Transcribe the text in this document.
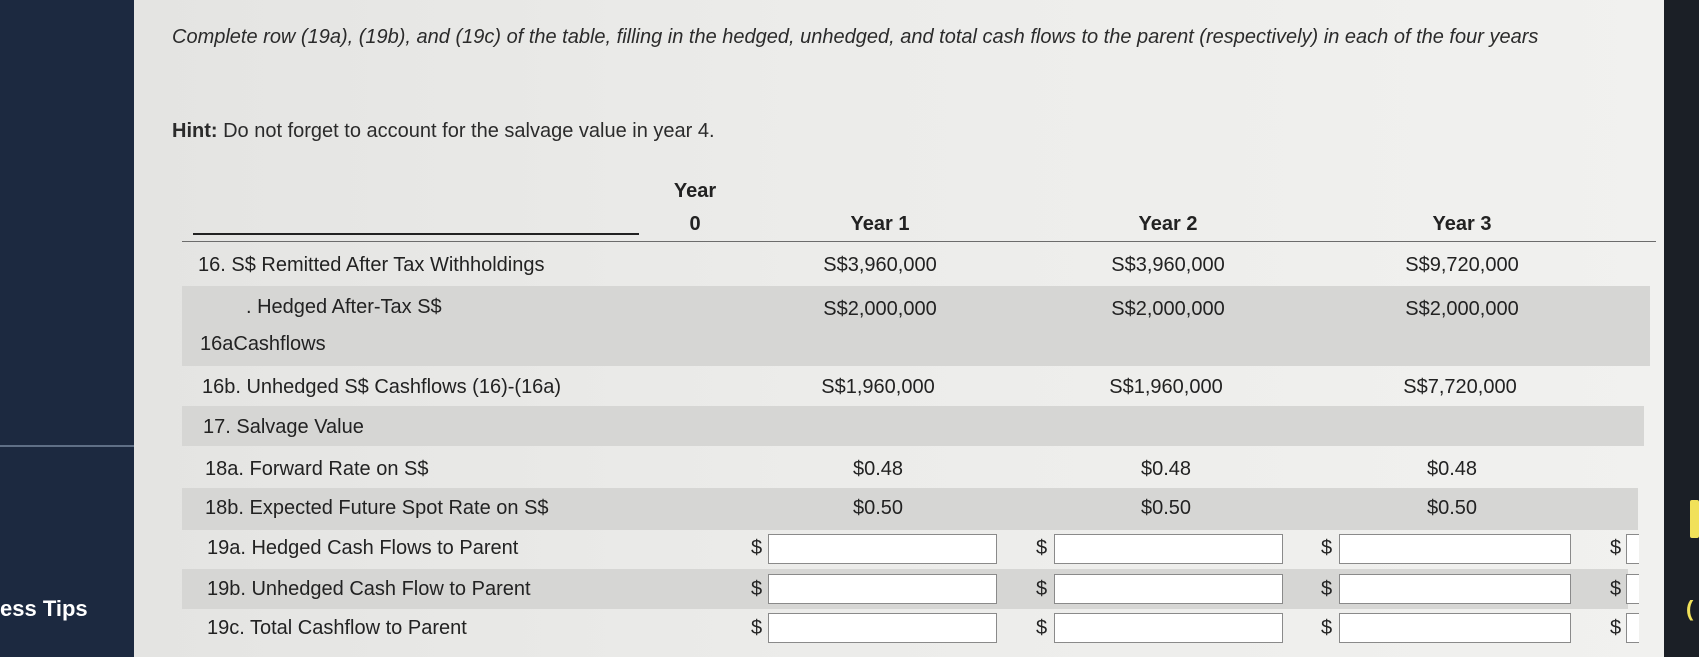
ess Tips	(
Complete row (19a), (19b), and (19c) of the table, filling in the hedged, unhedged, and total cash flows to the parent (respectively) in each of the four years
Hint: Do not forget to account for the salvage value in year 4.
Year
0	Year 1	Year 2	Year 3
16. S$ Remitted After Tax Withholdings	S$3,960,000	S$3,960,000	S$9,720,000
. Hedged After-Tax S$
16aCashflows
S$2,000,000	S$2,000,000	S$2,000,000
16b. Unhedged S$ Cashflows (16)-(16a)	S$1,960,000	S$1,960,000	S$7,720,000
17. Salvage Value
18a. Forward Rate on S$	$0.48	$0.48	$0.48
18b. Expected Future Spot Rate on S$	$0.50	$0.50	$0.50
19a. Hedged Cash Flows to Parent	$	$	$	$
19b. Unhedged Cash Flow to Parent	$	$	$	$
19c. Total Cashflow to Parent	$	$	$	$
